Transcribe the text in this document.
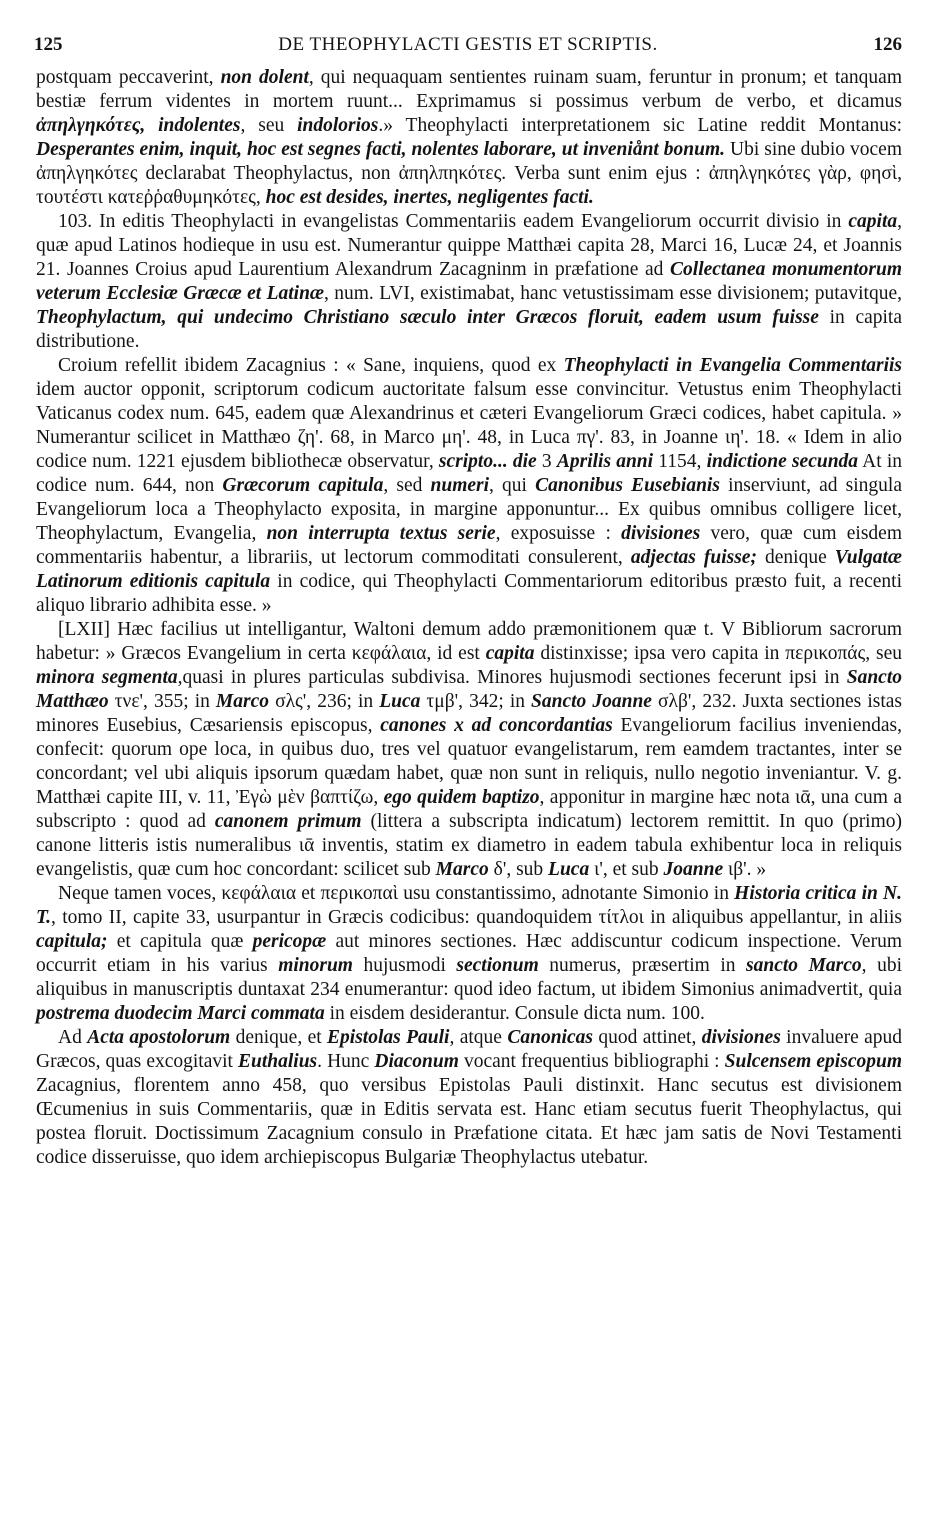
125	DE THEOPHYLACTI GESTIS ET SCRIPTIS.	126

postquam peccaverint, non dolent, qui nequaquam sentientes ruinam suam, feruntur in pronum; et tanquam bestiæ ferrum videntes in mortem ruunt... Exprimamus si possimus verbum de verbo, et dicamus ἀπηλγηκότες, indolentes, seu indolorios.» Theophylacti interpretationem sic Latine reddit Montanus: Desperantes enim, inquit, hoc est segnes facti, nolentes laborare, ut inveniånt bonum. Ubi sine dubio vocem ἀπηλγηκότες declarabat Theophylactus, non ἀπηλπηκότες. Verba sunt enim ejus : ἀπηλγηκότες γὰρ, φησὶ, τουτέστι κατεῤῥαθυμηκότες, hoc est desides, inertes, negligentes facti.

103. In editis Theophylacti in evangelistas Commentariis eadem Evangeliorum occurrit divisio in capita, quæ apud Latinos hodieque in usu est. Numerantur quippe Matthæi capita 28, Marci 16, Lucæ 24, et Joannis 21. Joannes Croius apud Laurentium Alexandrum Zacagninm in præfatione ad Collectanea monumentorum veterum Ecclesiæ Græcæ et Latinæ, num. LVI, existimabat, hanc vetustissimam esse divisionem; putavitque, Theophylactum, qui undecimo Christiano sæculo inter Græcos floruit, eadem usum fuisse in capita distributione.

Croium refellit ibidem Zacagnius : « Sane, inquiens, quod ex Theophylacti in Evangelia Commentariis idem auctor opponit, scriptorum codicum auctoritate falsum esse convincitur. Vetustus enim Theophylacti Vaticanus codex num. 645, eadem quæ Alexandrinus et cæteri Evangeliorum Græci codices, habet capitula. » Numerantur scilicet in Matthæo ζη'. 68, in Marco μη'. 48, in Luca πγ'. 83, in Joanne ιη'. 18. « Idem in alio codice num. 1221 ejusdem bibliothecæ observatur, scripto... die 3 Aprilis anni 1154, indictione secunda At in codice num. 644, non Græcorum capitula, sed numeri, qui Canonibus Eusebianis inserviunt, ad singula Evangeliorum loca a Theophylacto exposita, in margine apponuntur... Ex quibus omnibus colligere licet, Theophylactum, Evangelia, non interrupta textus serie, exposuisse : divisiones vero, quæ cum eisdem commentariis habentur, a librariis, ut lectorum commoditati consulerent, adjectas fuisse; denique Vulgatæ Latinorum editionis capitula in codice, qui Theophylacti Commentariorum editoribus præsto fuit, a recenti aliquo librario adhibita esse. »

[LXII] Hæc facilius ut intelligantur, Waltoni demum addo præmonitionem quæ t. V Bibliorum sacrorum habetur: » Græcos Evangelium in certa κεφάλαια, id est capita distinxisse; ipsa vero capita in περικοπάς, seu minora segmenta,quasi in plures particulas subdivisa. Minores hujusmodi sectiones fecerunt ipsi in Sancto Matthæo τνε', 355; in Marco σλς', 236; in Luca τμβ', 342; in Sancto Joanne σλβ', 232. Juxta sectiones istas minores Eusebius, Cæsariensis episcopus, canones x ad concordantias Evangeliorum facilius inveniendas, confecit: quorum ope loca, in quibus duo, tres vel quatuor evangelistarum, rem eamdem tractantes, inter se concordant; vel ubi aliquis ipsorum quædam habet, quæ non sunt in reliquis, nullo negotio inveniantur. V. g. Matthæi capite III, v. 11, Ἐγὼ μὲν βαπτίζω, ego quidem baptizo, apponitur in margine hæc nota ιᾱ, una cum a subscripto : quod ad canonem primum (littera a subscripta indicatum) lectorem remittit. In quo (primo) canone litteris istis numeralibus ιᾱ inventis, statim ex diametro in eadem tabula exhibentur loca in reliquis evangelistis, quæ cum hoc concordant: scilicet sub Marco δ', sub Luca ι', et sub Joanne ιβ'. »

Neque tamen voces, κεφάλαια et περικοπαὶ usu constantissimo, adnotante Simonio in Historia critica in N. T., tomo II, capite 33, usurpantur in Græcis codicibus: quandoquidem τίτλοι in aliquibus appellantur, in aliis capitula; et capitula quæ pericopæ aut minores sectiones. Hæc addiscuntur codicum inspectione. Verum occurrit etiam in his varius minorum hujusmodi sectionum numerus, præsertim in sancto Marco, ubi aliquibus in manuscriptis duntaxat 234 enumerantur: quod ideo factum, ut ibidem Simonius animadvertit, quia postrema duodecim Marci commata in eisdem desiderantur. Consule dicta num. 100.

Ad Acta apostolorum denique, et Epistolas Pauli, atque Canonicas quod attinet, divisiones invaluere apud Græcos, quas excogitavit Euthalius. Hunc Diaconum vocant frequentius bibliographi : Sulcensem episcopum Zacagnius, florentem anno 458, quo versibus Epistolas Pauli distinxit. Hanc secutus est divisionem Œcumenius in suis Commentariis, quæ in Editis servata est. Hanc etiam secutus fuerit Theophylactus, qui postea floruit. Doctissimum Zacagnium consulo in Præfatione citata. Et hæc jam satis de Novi Testamenti codice disseruisse, quo idem archiepiscopus Bulgariæ Theophylactus utebatur.
